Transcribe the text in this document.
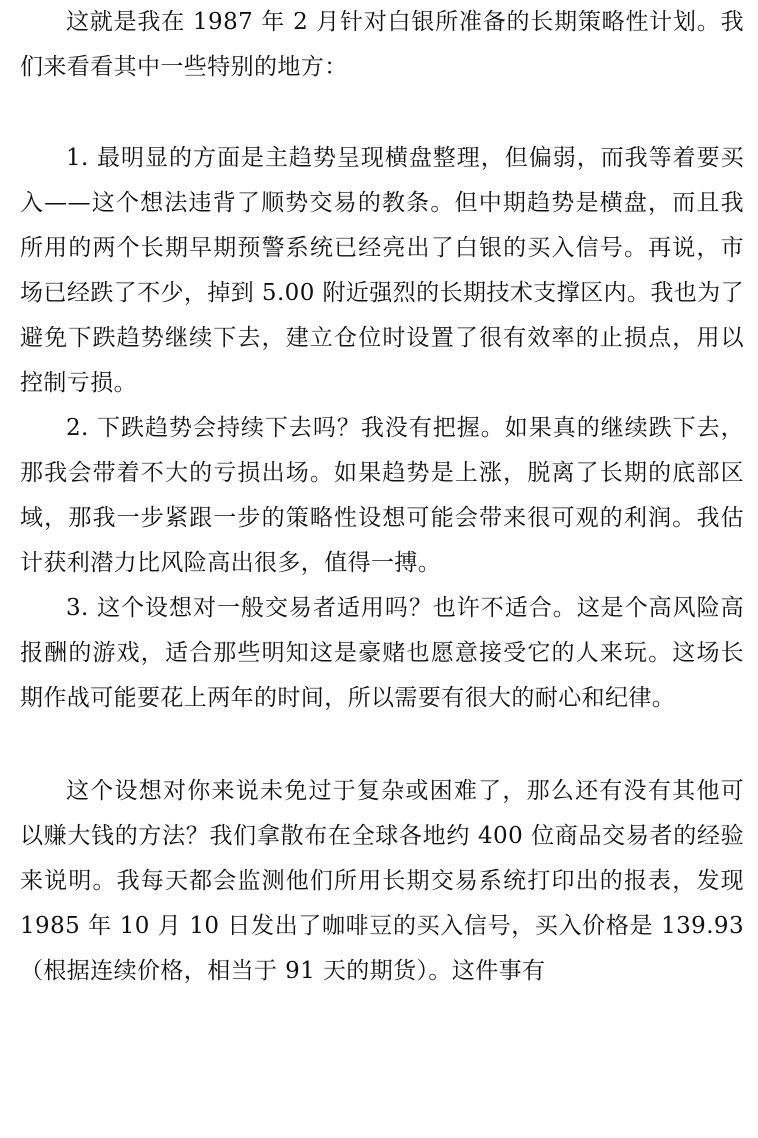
这就是我在 1987 年 2 月针对白银所准备的长期策略性计划。我们来看看其中一些特别的地方：

1. 最明显的方面是主趋势呈现横盘整理，但偏弱，而我等着要买入——这个想法违背了顺势交易的教条。但中期趋势是横盘，而且我所用的两个长期早期预警系统已经亮出了白银的买入信号。再说，市场已经跌了不少，掉到 5.00 附近强烈的长期技术支撑区内。我也为了避免下跌趋势继续下去，建立仓位时设置了很有效率的止损点，用以控制亏损。

2. 下跌趋势会持续下去吗？我没有把握。如果真的继续跌下去，那我会带着不大的亏损出场。如果趋势是上涨，脱离了长期的底部区域，那我一步紧跟一步的策略性设想可能会带来很可观的利润。我估计获利潜力比风险高出很多，值得一搏。

3. 这个设想对一般交易者适用吗？也许不适合。这是个高风险高报酬的游戏，适合那些明知这是豪赌也愿意接受它的人来玩。这场长期作战可能要花上两年的时间，所以需要有很大的耐心和纪律。

这个设想对你来说未免过于复杂或困难了，那么还有没有其他可以赚大钱的方法？我们拿散布在全球各地约 400 位商品交易者的经验来说明。我每天都会监测他们所用长期交易系统打印出的报表，发现 1985 年 10 月 10 日发出了咖啡豆的买入信号，买入价格是 139.93（根据连续价格，相当于 91 天的期货）。这件事有
